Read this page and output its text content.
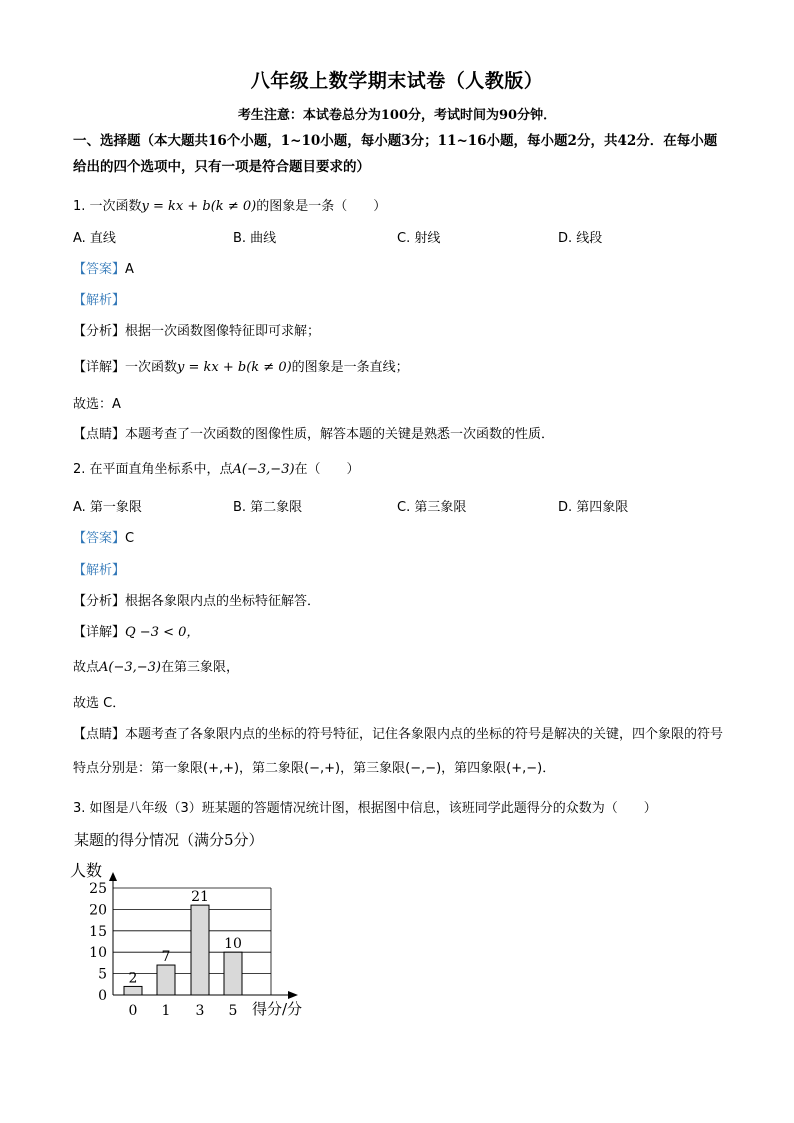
八年级上数学期末试卷（人教版）
考生注意：本试卷总分为100分，考试时间为90分钟．
一、选择题（本大题共16个小题，1~10小题，每小题3分；11~16小题，每小题2分，共42分．在每小题给出的四个选项中，只有一项是符合题目要求的）
1. 一次函数y = kx + b(k ≠ 0)的图象是一条（　　）
A. 直线	B. 曲线	C. 射线	D. 线段
【答案】A
【解析】
【分析】根据一次函数图像特征即可求解；
【详解】一次函数y = kx + b(k ≠ 0)的图象是一条直线；
故选：A
【点睛】本题考查了一次函数的图像性质，解答本题的关键是熟悉一次函数的性质．
2. 在平面直角坐标系中，点A(−3,−3)在（　　）
A. 第一象限	B. 第二象限	C. 第三象限	D. 第四象限
【答案】C
【解析】
【分析】根据各象限内点的坐标特征解答．
【详解】Q −3 < 0，
故点A(−3,−3)在第三象限，
故选 C．
【点睛】本题考查了各象限内点的坐标的符号特征，记住各象限内点的坐标的符号是解决的关键，四个象限的符号特点分别是：第一象限(+,+)，第二象限(−,+)，第三象限(−,−)，第四象限(+,−)．
3. 如图是八年级（3）班某题的答题情况统计图，根据图中信息，该班同学此题得分的众数为（　　）
某题的得分情况（满分5分）
人数
0
5
10
15
20
25
2
0
7
1
21
3
10
5 得分/分
